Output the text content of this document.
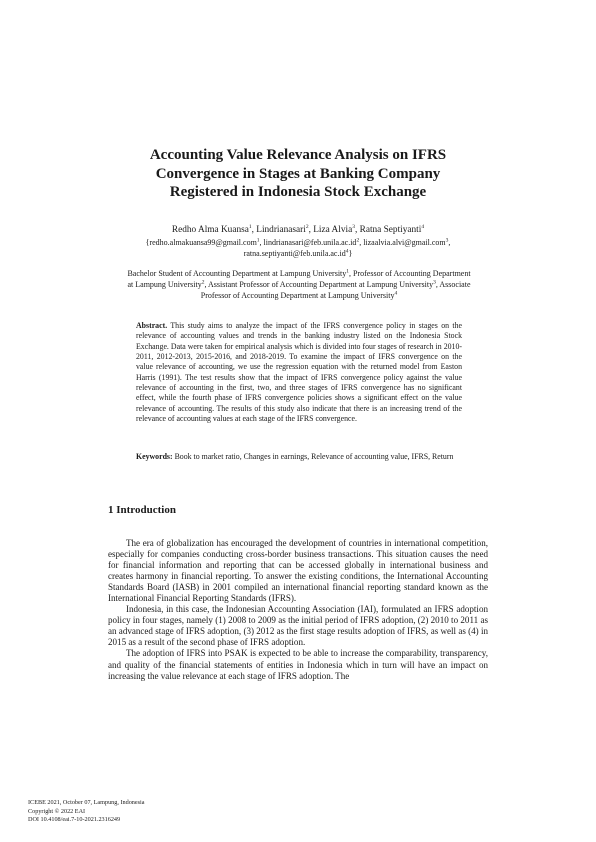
Accounting Value Relevance Analysis on IFRS
Convergence in Stages at Banking Company
Registered in Indonesia Stock Exchange
Redho Alma Kuansa$^1$, Lindrianasari$^2$, Liza Alvia$^3$, Ratna Septiyanti$^4$
{redho.almakuansa99@gmail.com$^1$, $lindrianasari@feb.unila.ac.id^2$, lizaalvia.alvi@gmail.com$^3$,
$ratna.septiyanti@feb.unila.ac.id^4$}
Bachelor Student of Accounting Department at Lampung University$^1$, Professor of Accounting Department at Lampung University$^2$, Assistant Professor of Accounting Department at Lampung University$^3$, Associate Professor of Accounting Department at Lampung University$^4$
Abstract. This study aims to analyze the impact of the IFRS convergence policy in stages on the relevance of accounting values and trends in the banking industry listed on the Indonesia Stock Exchange. Data were taken for empirical analysis which is divided into four stages of research in 2010-2011, 2012-2013, 2015-2016, and 2018-2019. To examine the impact of IFRS convergence on the value relevance of accounting, we use the regression equation with the returned model from Easton Harris (1991). The test results show that the impact of IFRS convergence policy against the value relevance of accounting in the first, two, and three stages of IFRS convergence has no significant effect, while the fourth phase of IFRS convergence policies shows a significant effect on the value relevance of accounting. The results of this study also indicate that there is an increasing trend of the relevance of accounting values at each stage of the IFRS convergence.
Keywords: Book to market ratio, Changes in earnings, Relevance of accounting value, IFRS, Return
1 Introduction

The era of globalization has encouraged the development of countries in international competition, especially for companies conducting cross-border business transactions. This situation causes the need for financial information and reporting that can be accessed globally in international business and creates harmony in financial reporting. To answer the existing conditions, the International Accounting Standards Board (IASB) in 2001 compiled an international financial reporting standard known as the International Financial Reporting Standards (IFRS).

Indonesia, in this case, the Indonesian Accounting Association (IAI), formulated an IFRS adoption policy in four stages, namely (1) 2008 to 2009 as the initial period of IFRS adoption, (2) 2010 to 2011 as an advanced stage of IFRS adoption, (3) 2012 as the first stage results adoption of IFRS, as well as (4) in 2015 as a result of the second phase of IFRS adoption.

The adoption of IFRS into PSAK is expected to be able to increase the comparability, transparency, and quality of the financial statements of entities in Indonesia which in turn will have an impact on increasing the value relevance at each stage of IFRS adoption. The

ICEBE 2021, October 07, Lampung, Indonesia
Copyright © 2022 EAI
DOI 10.4108/eai.7-10-2021.2316249
